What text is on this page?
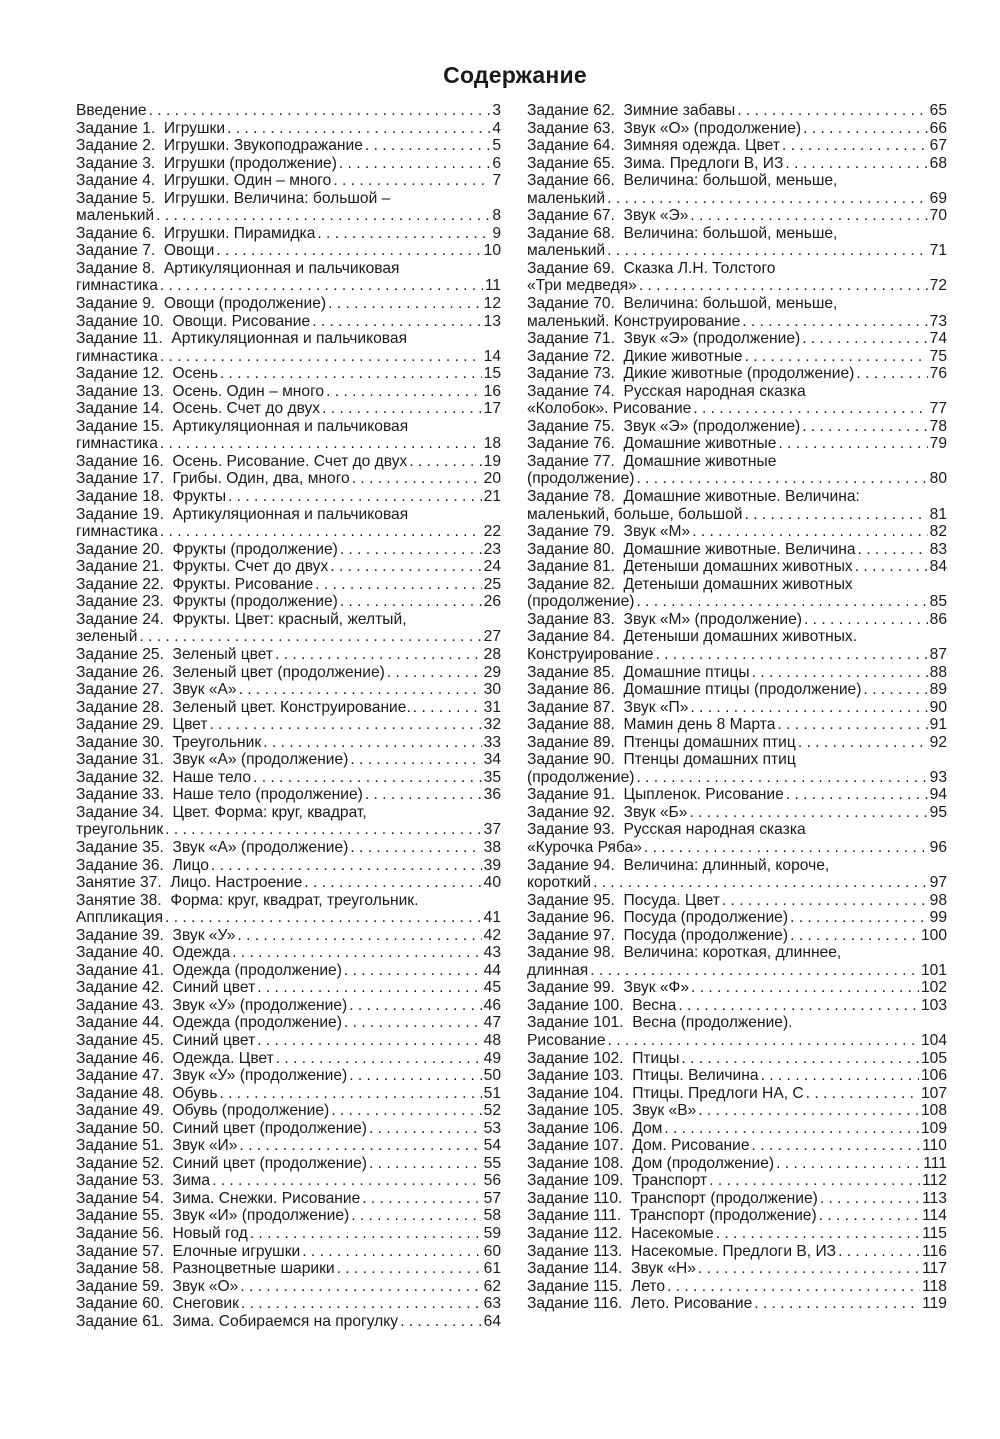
Содержание
Введение . . .	3
Задание 1.  Игрушки . . .	4
Задание 2.  Игрушки. Звукоподражание . . .	5
Задание 3.  Игрушки (продолжение) . . .	6
Задание 4.  Игрушки. Один – много . . .	7
Задание 5.  Игрушки. Величина: большой –
маленький . . .	8
Задание 6.  Игрушки. Пирамидка . . .	9
Задание 7.  Овощи . . .	10
Задание 8.  Артикуляционная и пальчиковая
гимнастика . . .	11
Задание 9.  Овощи (продолжение) . . .	12
Задание 10.  Овощи. Рисование . . .	13
Задание 11.  Артикуляционная и пальчиковая
гимнастика . . .	14
Задание 12.  Осень . . .	15
Задание 13.  Осень. Один – много . . .	16
Задание 14.  Осень. Счет до двух . . .	17
Задание 15.  Артикуляционная и пальчиковая
гимнастика . . .	18
Задание 16.  Осень. Рисование. Счет до двух . . .	19
Задание 17.  Грибы. Один, два, много . . .	20
Задание 18.  Фрукты . . .	21
Задание 19.  Артикуляционная и пальчиковая
гимнастика . . .	22
Задание 20.  Фрукты (продолжение) . . .	23
Задание 21.  Фрукты. Счет до двух . . .	24
Задание 22.  Фрукты. Рисование . . .	25
Задание 23.  Фрукты (продолжение) . . .	26
Задание 24.  Фрукты. Цвет: красный, желтый,
зеленый . . .	27
Задание 25.  Зеленый цвет . . .	28
Задание 26.  Зеленый цвет (продолжение) . . .	29
Задание 27.  Звук «А» . . .	30
Задание 28.  Зеленый цвет. Конструирование. . . .	31
Задание 29.  Цвет . . .	32
Задание 30.  Треугольник . . .	33
Задание 31.  Звук «А» (продолжение) . . .	34
Задание 32.  Наше тело . . .	35
Задание 33.  Наше тело (продолжение) . . .	36
Задание 34.  Цвет. Форма: круг, квадрат,
треугольник . . .	37
Задание 35.  Звук «А» (продолжение) . . .	38
Задание 36.  Лицо . . .	39
Занятие 37.  Лицо. Настроение . . .	40
Занятие 38.  Форма: круг, квадрат, треугольник.
Аппликация . . .	41
Задание 39.  Звук «У» . . .	42
Задание 40.  Одежда . . .	43
Задание 41.  Одежда (продолжение) . . .	44
Задание 42.  Синий цвет . . .	45
Задание 43.  Звук «У» (продолжение) . . .	46
Задание 44.  Одежда (продолжение) . . .	47
Задание 45.  Синий цвет . . .	48
Задание 46.  Одежда. Цвет . . .	49
Задание 47.  Звук «У» (продолжение) . . .	50
Задание 48.  Обувь . . .	51
Задание 49.  Обувь (продолжение) . . .	52
Задание 50.  Синий цвет (продолжение) . . .	53
Задание 51.  Звук «И» . . .	54
Задание 52.  Синий цвет (продолжение) . . .	55
Задание 53.  Зима . . .	56
Задание 54.  Зима. Снежки. Рисование . . .	57
Задание 55.  Звук «И» (продолжение) . . .	58
Задание 56.  Новый год . . .	59
Задание 57.  Елочные игрушки . . .	60
Задание 58.  Разноцветные шарики . . .	61
Задание 59.  Звук «О» . . .	62
Задание 60.  Снеговик . . .	63
Задание 61.  Зима. Собираемся на прогулку . . .	64
Задание 62.  Зимние забавы . . .	65
Задание 63.  Звук «О» (продолжение) . . .	66
Задание 64.  Зимняя одежда. Цвет . . .	67
Задание 65.  Зима. Предлоги В, ИЗ . . .	68
Задание 66.  Величина: большой, меньше,
маленький . . .	69
Задание 67.  Звук «Э» . . .	70
Задание 68.  Величина: большой, меньше,
маленький . . .	71
Задание 69.  Сказка Л.Н. Толстого
«Три медведя» . . .	72
Задание 70.  Величина: большой, меньше,
маленький. Конструирование . . .	73
Задание 71.  Звук «Э» (продолжение) . . .	74
Задание 72.  Дикие животные . . .	75
Задание 73.  Дикие животные (продолжение) . . .	76
Задание 74.  Русская народная сказка
«Колобок». Рисование . . .	77
Задание 75.  Звук «Э» (продолжение) . . .	78
Задание 76.  Домашние животные . . .	79
Задание 77.  Домашние животные
(продолжение) . . .	80
Задание 78.  Домашние животные. Величина:
маленький, больше, большой . . .	81
Задание 79.  Звук «М» . . .	82
Задание 80.  Домашние животные. Величина . . .	83
Задание 81.  Детеныши домашних животных . . .	84
Задание 82.  Детеныши домашних животных
(продолжение) . . .	85
Задание 83.  Звук «М» (продолжение) . . .	86
Задание 84.  Детеныши домашних животных.
Конструирование . . .	87
Задание 85.  Домашние птицы . . .	88
Задание 86.  Домашние птицы (продолжение) . . .	89
Задание 87.  Звук «П» . . .	90
Задание 88.  Мамин день 8 Марта . . .	91
Задание 89.  Птенцы домашних птиц . . .	92
Задание 90.  Птенцы домашних птиц
(продолжение) . . .	93
Задание 91.  Цыпленок. Рисование . . .	94
Задание 92.  Звук «Б» . . .	95
Задание 93.  Русская народная сказка
«Курочка Ряба» . . .	96
Задание 94.  Величина: длинный, короче,
короткий . . .	97
Задание 95.  Посуда. Цвет . . .	98
Задание 96.  Посуда (продолжение) . . .	99
Задание 97.  Посуда (продолжение) . . .	100
Задание 98.  Величина: короткая, длиннее,
длинная . . .	101
Задание 99.  Звук «Ф» . . .	102
Задание 100.  Весна . . .	103
Задание 101.  Весна (продолжение).
Рисование . . .	104
Задание 102.  Птицы . . .	105
Задание 103.  Птицы. Величина . . .	106
Задание 104.  Птицы. Предлоги НА, С . . .	107
Задание 105.  Звук «В» . . .	108
Задание 106.  Дом . . .	109
Задание 107.  Дом. Рисование . . .	110
Задание 108.  Дом (продолжение) . . .	111
Задание 109.  Транспорт . . .	112
Задание 110.  Транспорт (продолжение) . . .	113
Задание 111.  Транспорт (продолжение) . . .	114
Задание 112.  Насекомые . . .	115
Задание 113.  Насекомые. Предлоги В, ИЗ . . .	116
Задание 114.  Звук «Н» . . .	117
Задание 115.  Лето . . .	118
Задание 116.  Лето. Рисование . . .	119
